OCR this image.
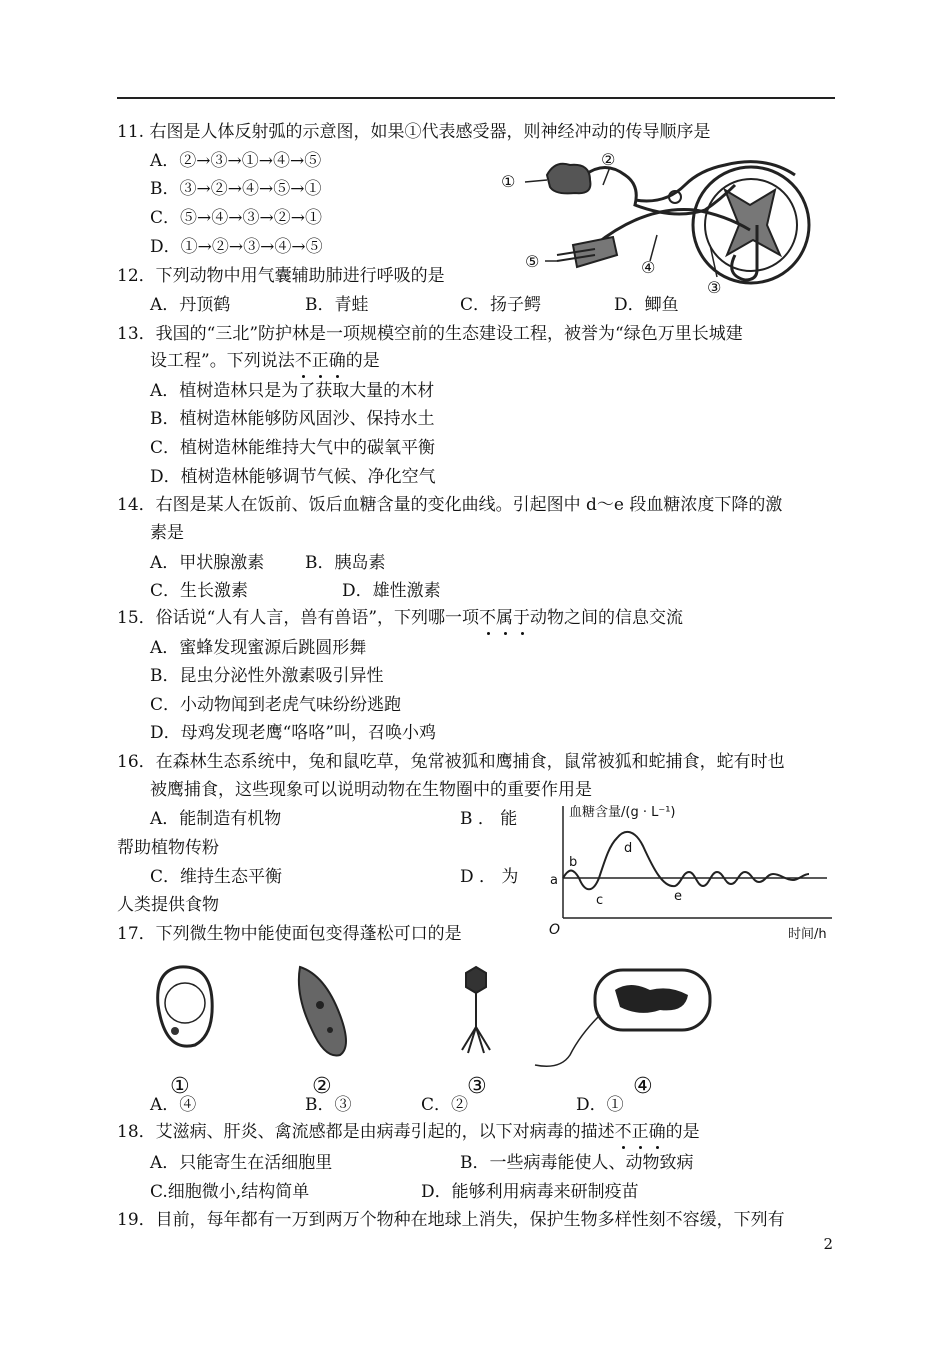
11. 右图是人体反射弧的示意图，如果①代表感受器，则神经冲动的传导顺序是
A．②→③→①→④→⑤
B．③→②→④→⑤→①
C．⑤→④→③→②→①
D．①→②→③→④→⑤
①
②
③
④
⑤
12．下列动物中用气囊辅助肺进行呼吸的是
A．丹顶鹤	B．青蛙	C．扬子鳄	D．鲫鱼
13．我国的“三北”防护林是一项规模空前的生态建设工程，被誉为“绿色万里长城建
设工程”。下列说法不正确的是
A．植树造林只是为了获取大量的木材
B．植树造林能够防风固沙、保持水土
C．植树造林能维持大气中的碳氧平衡
D．植树造林能够调节气候、净化空气
14．右图是某人在饭前、饭后血糖含量的变化曲线。引起图中 d～e 段血糖浓度下降的激
素是
A．甲状腺激素 B．胰岛素
C．生长激素	D．雄性激素
15．俗话说“人有人言，兽有兽语”，下列哪一项不属于动物之间的信息交流
A．蜜蜂发现蜜源后跳圆形舞
B．昆虫分泌性外激素吸引异性
C．小动物闻到老虎气味纷纷逃跑
D．母鸡发现老鹰“咯咯”叫，召唤小鸡
16．在森林生态系统中，兔和鼠吃草，兔常被狐和鹰捕食，鼠常被狐和蛇捕食，蛇有时也
被鹰捕食，这些现象可以说明动物在生物圈中的重要作用是
A．能制造有机物	B ． 能
帮助植物传粉
C．维持生态平衡	D ． 为
人类提供食物
血糖含量/(g · L⁻¹)
时间/h
O
a
b
c
d
e
17．下列微生物中能使面包变得蓬松可口的是
①	②	③	④
A．④	B．③	C．②	D．①
18．艾滋病、肝炎、禽流感都是由病毒引起的，以下对病毒的描述不正确的是
A．只能寄生在活细胞里	B．一些病毒能使人、动物致病
C.细胞微小,结构简单	D．能够利用病毒来研制疫苗
19．目前，每年都有一万到两万个物种在地球上消失，保护生物多样性刻不容缓，下列有
2
